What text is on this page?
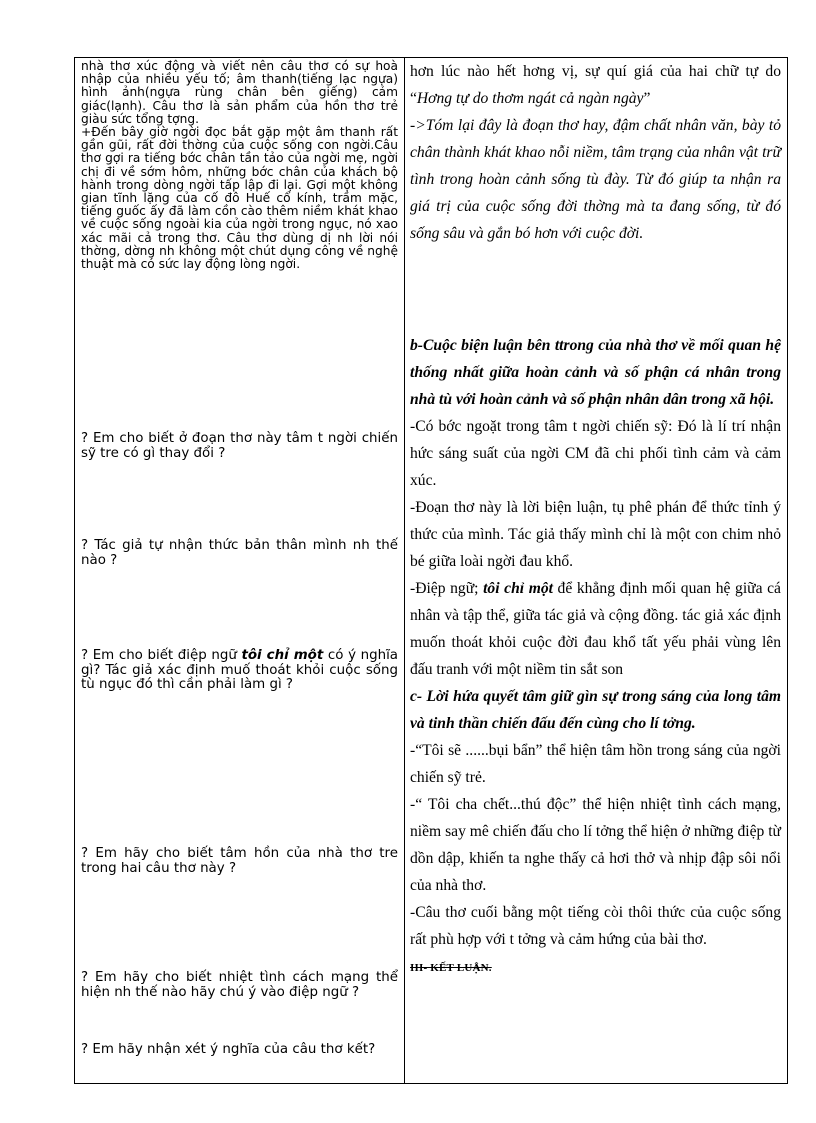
nhà thơ xúc động và viết nên câu thơ có sự hoà nhập của nhiều yếu tố; âm thanh(tiếng lạc ngựa) hình ảnh(ngựa rùng chân bên giếng) cảm giác(lạnh). Câu thơ là sản phẩm của hồn thơ trẻ giàu sức tổng tợng.

+Đến bây giờ ngời đọc bắt gặp một âm thanh rất gần gũi, rất đời thờng của cuộc sống con ngời.Câu thơ gợi ra tiếng bớc chân tần tảo của ngời mẹ, ngời chị đi về sớm hôm, những bớc chân của khách bộ hành trong dòng ngời tấp lập đi lại. Gợi một không gian tĩnh lặng của cố đô Huế cổ kính, trầm mặc, tiếng guốc ấy đã làm cồn cào thêm niềm khát khao về cuộc sống ngoài kia của ngời trong ngục, nó xao xác mãi cả trong thơ. Câu thơ dùng dị nh lời nói thờng, dờng nh không một chút dụng công về nghệ thuật mà có sức lay động lòng ngời.

? Em cho biết ở đoạn thơ này tâm t ngời chiến sỹ tre có gì thay đổi ?
? Tác giả tự nhận thức bản thân mình nh thế nào ?
? Em cho biết điệp ngữ tôi chỉ một có ý nghĩa gì? Tác giả xác định muố thoát khỏi cuộc sống tù ngục đó thì cần phải làm gì ?
? Em hãy cho biết tâm hồn của nhà thơ tre trong hai câu thơ này ?
? Em hãy cho biết nhiệt tình cách mạng thể hiện nh thế nào hãy chú ý vào điệp ngữ ?
? Em hãy nhận xét ý nghĩa của câu thơ kết?

hơn lúc nào hết hơng vị, sự quí giá của hai chữ tự do “Hơng tự do thơm ngát cả ngàn ngày”

->Tóm lại đây là đoạn thơ hay, đậm chất nhân văn, bày tỏ chân thành khát khao nỗi niềm, tâm trạng của nhân vật trữ tình trong hoàn cảnh sống tù đày. Từ đó giúp ta nhận ra giá trị của cuộc sống đời thờng mà ta đang sống, từ đó sống sâu và gắn bó hơn với cuộc đời.

b-Cuộc biện luận bên ttrong của nhà thơ về mối quan hệ thống nhất giữa hoàn cảnh và số phận cá nhân trong nhà tù với hoàn cảnh và số phận nhân dân trong xã hội.

-Có bớc ngoặt trong tâm t ngời chiến sỹ: Đó là lí trí nhận hức sáng suất của ngời CM đã chi phối tình cảm và cảm xúc.

-Đoạn thơ này là lời biện luận, tụ phê phán để thức tỉnh ý thức của mình. Tác giả thấy mình chỉ là một con chim nhỏ bé giữa loài ngời đau khổ.

-Điệp ngữ; tôi chỉ một để khẳng định mối quan hệ giữa cá nhân và tập thể, giữa tác giả và cộng đồng. tác giả xác định muốn thoát khỏi cuộc đời đau khổ tất yếu phải vùng lên đấu tranh với một niềm tin sắt son

c- Lời hứa quyết tâm giữ gìn sự trong sáng của long tâm và tinh thần chiến đấu đến cùng cho lí tởng.

-“Tôi sẽ ......bụi bẩn” thể hiện tâm hồn trong sáng của ngời chiến sỹ trẻ.

-“ Tôi cha chết...thú độc” thể hiện nhiệt tình cách mạng, niềm say mê chiến đấu cho lí tởng thể hiện ở những điệp từ dồn dập, khiến ta nghe thấy cả hơi thở và nhịp đập sôi nổi của nhà thơ.

-Câu thơ cuối bằng một tiếng còi thôi thức của cuộc sống rất phù hợp với t tởng và cảm hứng của bài thơ.

III- KẾT LUẬN.
